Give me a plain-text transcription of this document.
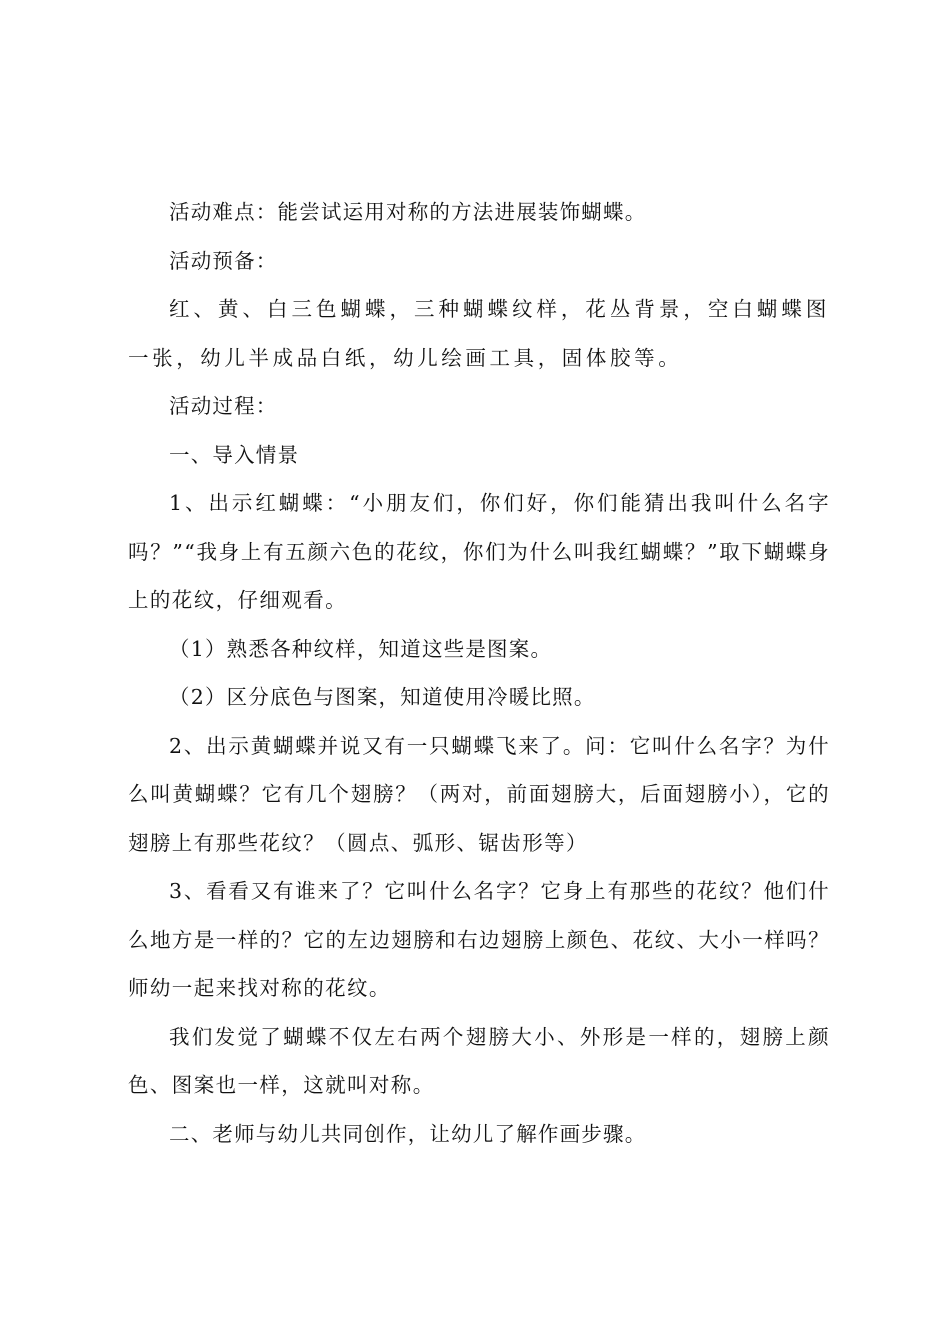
活动难点：能尝试运用对称的方法进展装饰蝴蝶。

活动预备：

红、黄、白三色蝴蝶，三种蝴蝶纹样，花丛背景，空白蝴蝶图一张，幼儿半成品白纸，幼儿绘画工具，固体胶等。

活动过程：

一、导入情景

1、出示红蝴蝶：“小朋友们，你们好，你们能猜出我叫什么名字吗？”“我身上有五颜六色的花纹，你们为什么叫我红蝴蝶？”取下蝴蝶身上的花纹，仔细观看。

（1）熟悉各种纹样，知道这些是图案。

（2）区分底色与图案，知道使用冷暖比照。

2、出示黄蝴蝶并说又有一只蝴蝶飞来了。问：它叫什么名字？为什么叫黄蝴蝶？它有几个翅膀？（两对，前面翅膀大，后面翅膀小），它的翅膀上有那些花纹？（圆点、弧形、锯齿形等）

3、看看又有谁来了？它叫什么名字？它身上有那些的花纹？他们什么地方是一样的？它的左边翅膀和右边翅膀上颜色、花纹、大小一样吗？师幼一起来找对称的花纹。

我们发觉了蝴蝶不仅左右两个翅膀大小、外形是一样的，翅膀上颜色、图案也一样，这就叫对称。

二、老师与幼儿共同创作，让幼儿了解作画步骤。
